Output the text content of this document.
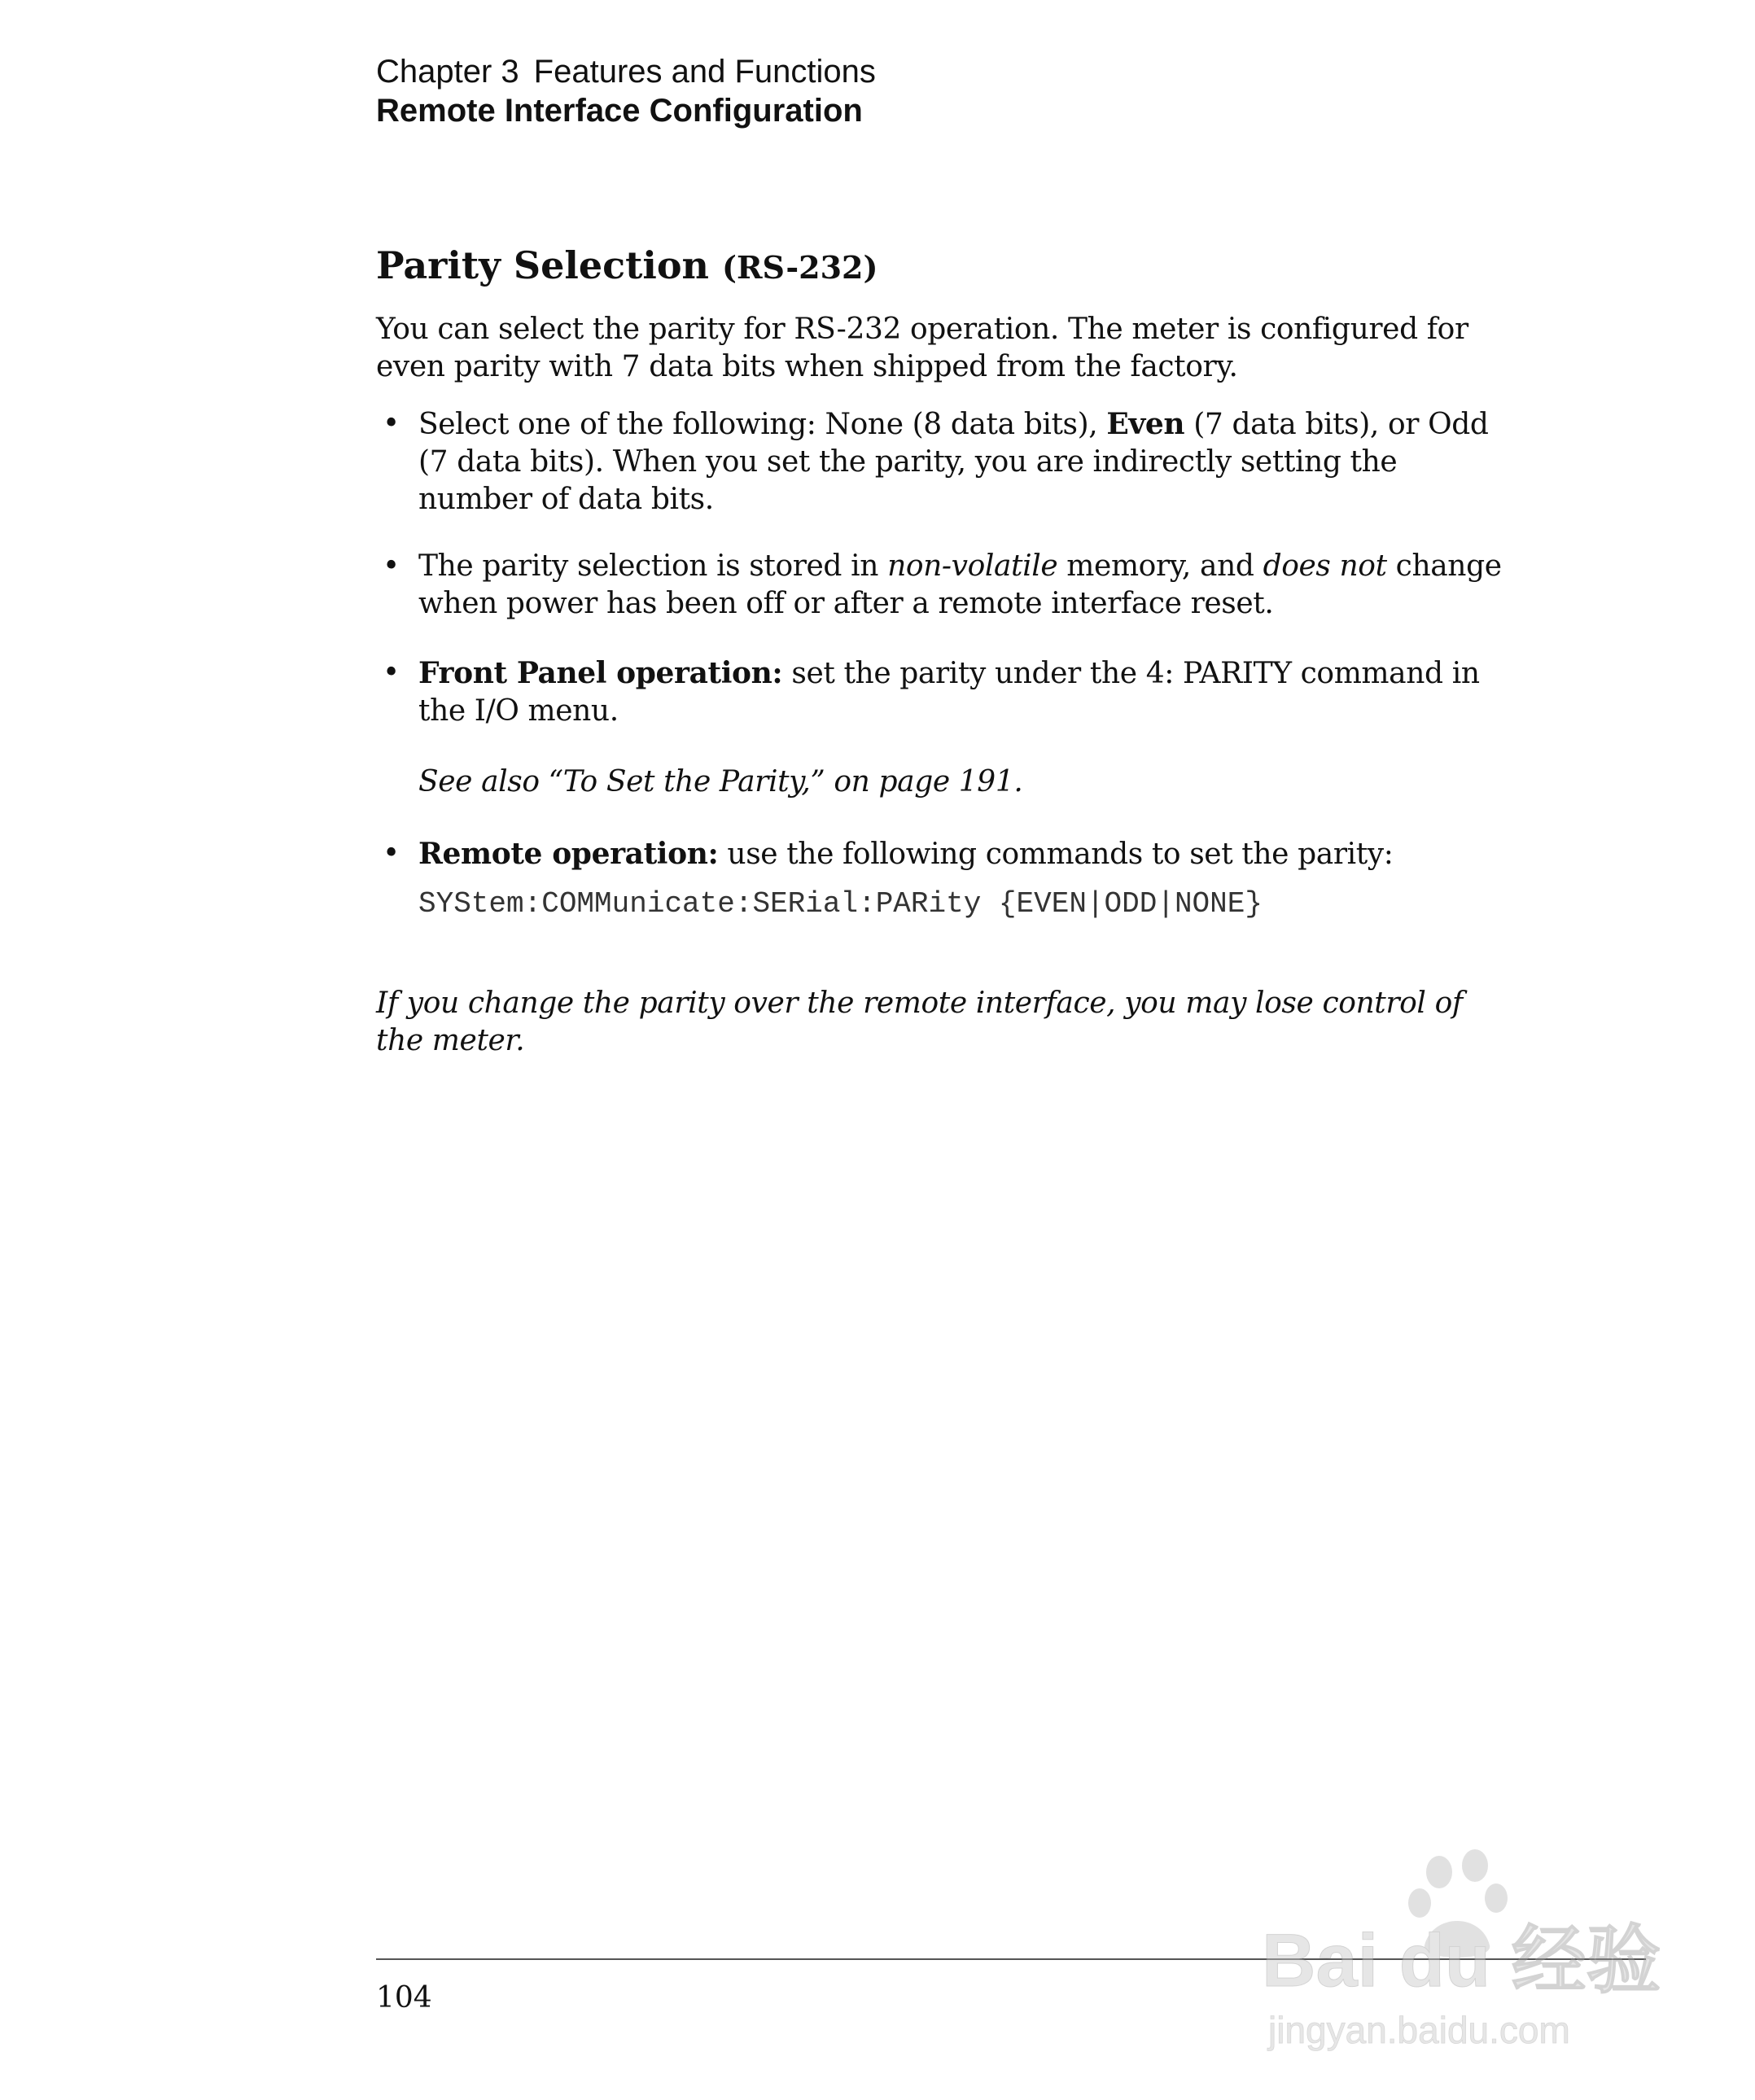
Chapter 3 Features and Functions
Remote Interface Configuration
Parity Selection (RS-232)

You can select the parity for RS-232 operation. The meter is configured for even parity with 7 data bits when shipped from the factory.

• Select one of the following: None (8 data bits), Even (7 data bits), or Odd (7 data bits). When you set the parity, you are indirectly setting the number of data bits.
• The parity selection is stored in non-volatile memory, and does not change when power has been off or after a remote interface reset.
• Front Panel operation: set the parity under the 4: PARITY command in the I/O menu.
See also “To Set the Parity,” on page 191.
• Remote operation: use the following commands to set the parity:
SYStem:COMMunicate:SERial:PARity {EVEN|ODD|NONE}

If you change the parity over the remote interface, you may lose control of the meter.

104	Bai du 经验
jingyan.baidu.com
